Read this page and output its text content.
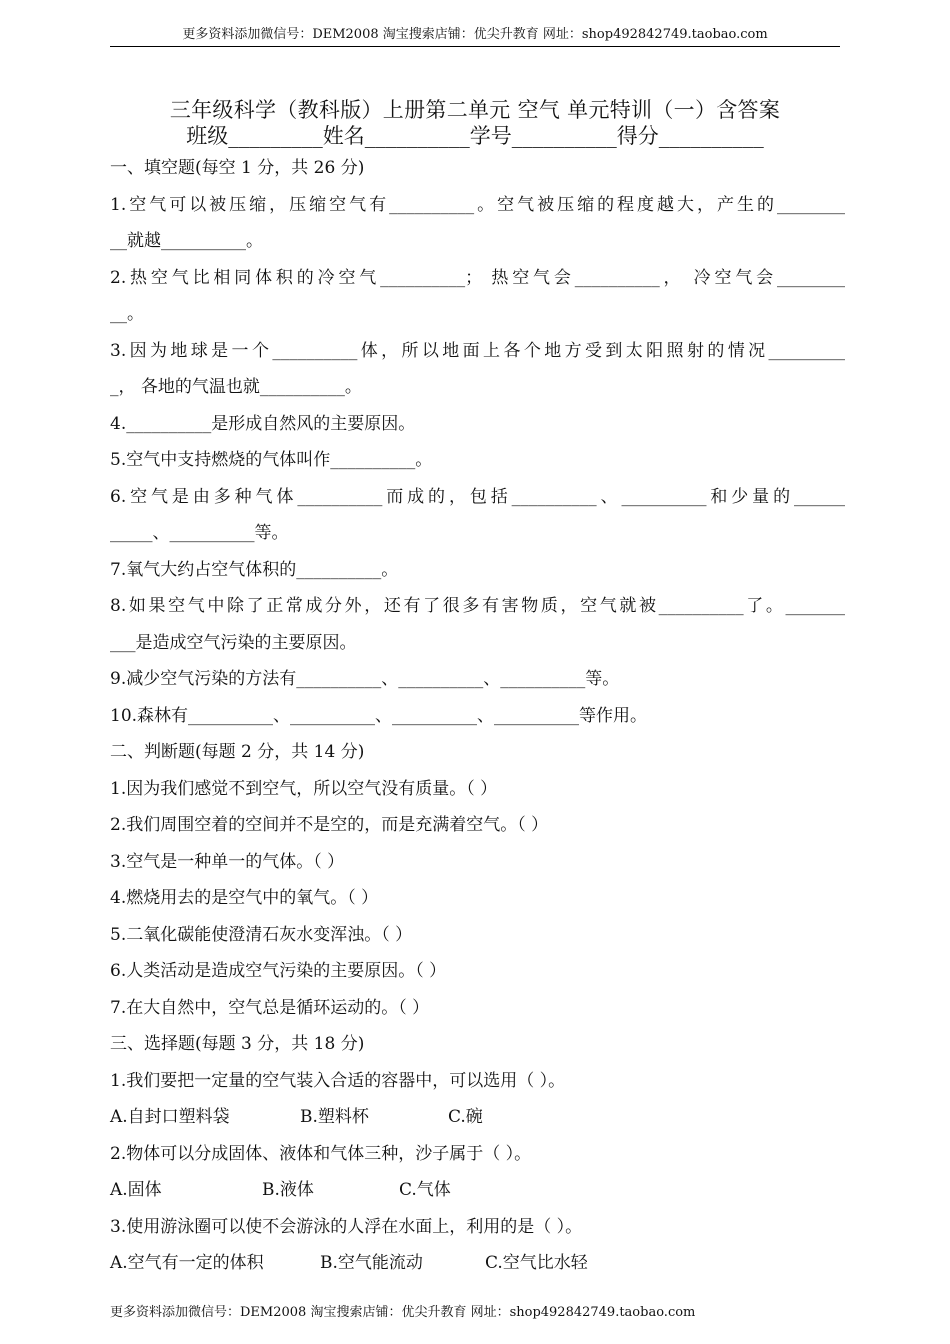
更多资料添加微信号：DEM2008 淘宝搜索店铺：优尖升教育 网址：shop492842749.taobao.com
三年级科学（教科版）上册第二单元 空气 单元特训（一）含答案
班级_________姓名__________学号__________得分__________
一、填空题(每空 1 分，共 26 分)
1.空气可以被压缩，压缩空气有__________。空气被压缩的程度越大，产生的________
__就越__________。
2.热空气比相同体积的冷空气__________； 热空气会__________， 冷空气会________
__。
3.因为地球是一个__________体，所以地面上各个地方受到太阳照射的情况_________
_， 各地的气温也就__________。
4.__________是形成自然风的主要原因。
5.空气中支持燃烧的气体叫作__________。
6.空气是由多种气体__________而成的，包括__________、__________和少量的______
_____、__________等。
7.氧气大约占空气体积的__________。
8.如果空气中除了正常成分外，还有了很多有害物质，空气就被__________了。_______
___是造成空气污染的主要原因。
9.减少空气污染的方法有__________、__________、__________等。
10.森林有__________、__________、__________、__________等作用。
二、判断题(每题 2 分，共 14 分)
1.因为我们感觉不到空气，所以空气没有质量。（ ）
2.我们周围空着的空间并不是空的，而是充满着空气。（ ）
3.空气是一种单一的气体。（ ）
4.燃烧用去的是空气中的氧气。（ ）
5.二氧化碳能使澄清石灰水变浑浊。（ ）
6.人类活动是造成空气污染的主要原因。（ ）
7.在大自然中，空气总是循环运动的。（ ）
三、选择题(每题 3 分，共 18 分)
1.我们要把一定量的空气装入合适的容器中，可以选用（ ）。
A.自封口塑料袋	B.塑料杯	C.碗
2.物体可以分成固体、液体和气体三种，沙子属于（ ）。
A.固体	B.液体	C.气体
3.使用游泳圈可以使不会游泳的人浮在水面上，利用的是（ ）。
A.空气有一定的体积	B.空气能流动	C.空气比水轻
更多资料添加微信号：DEM2008 淘宝搜索店铺：优尖升教育 网址：shop492842749.taobao.com
